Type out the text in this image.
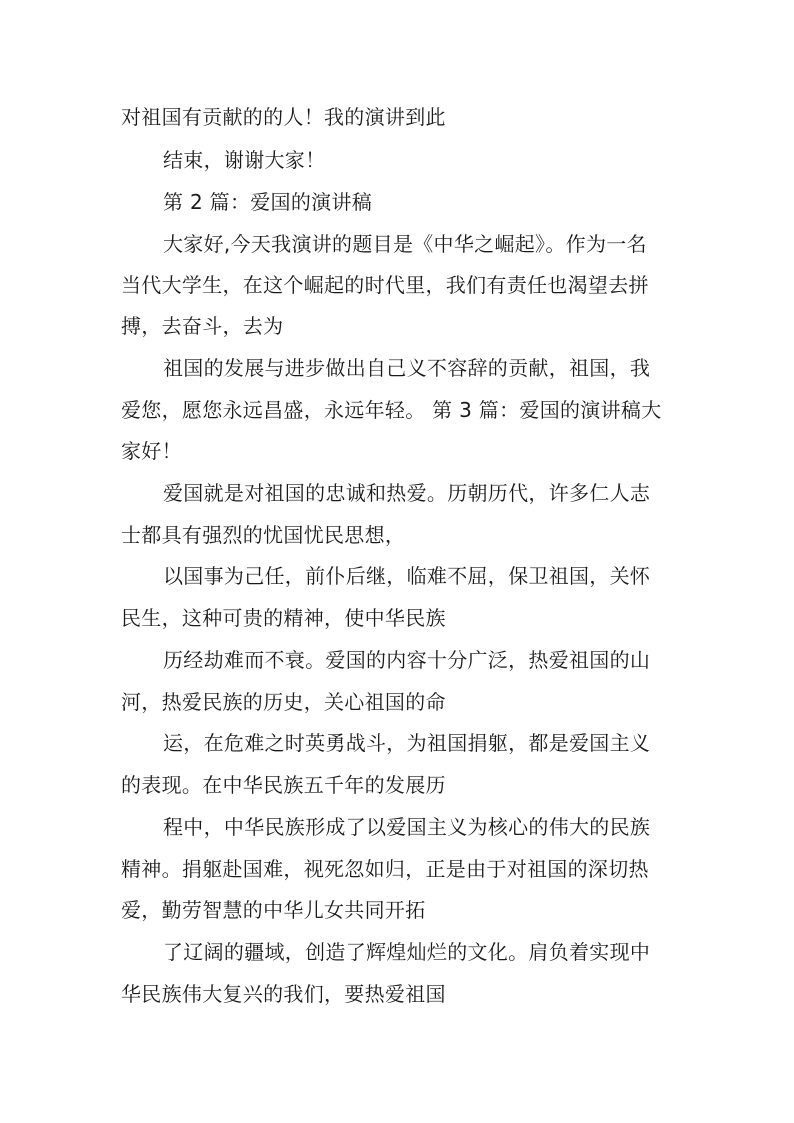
对祖国有贡献的的人！我的演讲到此

结束，谢谢大家！

第 2 篇：爱国的演讲稿

大家好,今天我演讲的题目是《中华之崛起》。作为一名

当代大学生，在这个崛起的时代里，我们有责任也渴望去拼

搏，去奋斗，去为

祖国的发展与进步做出自己义不容辞的贡献，祖国，我

爱您，愿您永远昌盛，永远年轻。 第 3 篇：爱国的演讲稿大

家好！

爱国就是对祖国的忠诚和热爱。历朝历代，许多仁人志

士都具有强烈的忧国忧民思想，

以国事为己任，前仆后继，临难不屈，保卫祖国，关怀

民生，这种可贵的精神，使中华民族

历经劫难而不衰。爱国的内容十分广泛，热爱祖国的山

河，热爱民族的历史，关心祖国的命

运，在危难之时英勇战斗，为祖国捐躯，都是爱国主义

的表现。在中华民族五千年的发展历

程中，中华民族形成了以爱国主义为核心的伟大的民族

精神。捐躯赴国难，视死忽如归，正是由于对祖国的深切热

爱，勤劳智慧的中华儿女共同开拓

了辽阔的疆域，创造了辉煌灿烂的文化。肩负着实现中

华民族伟大复兴的我们，要热爱祖国
